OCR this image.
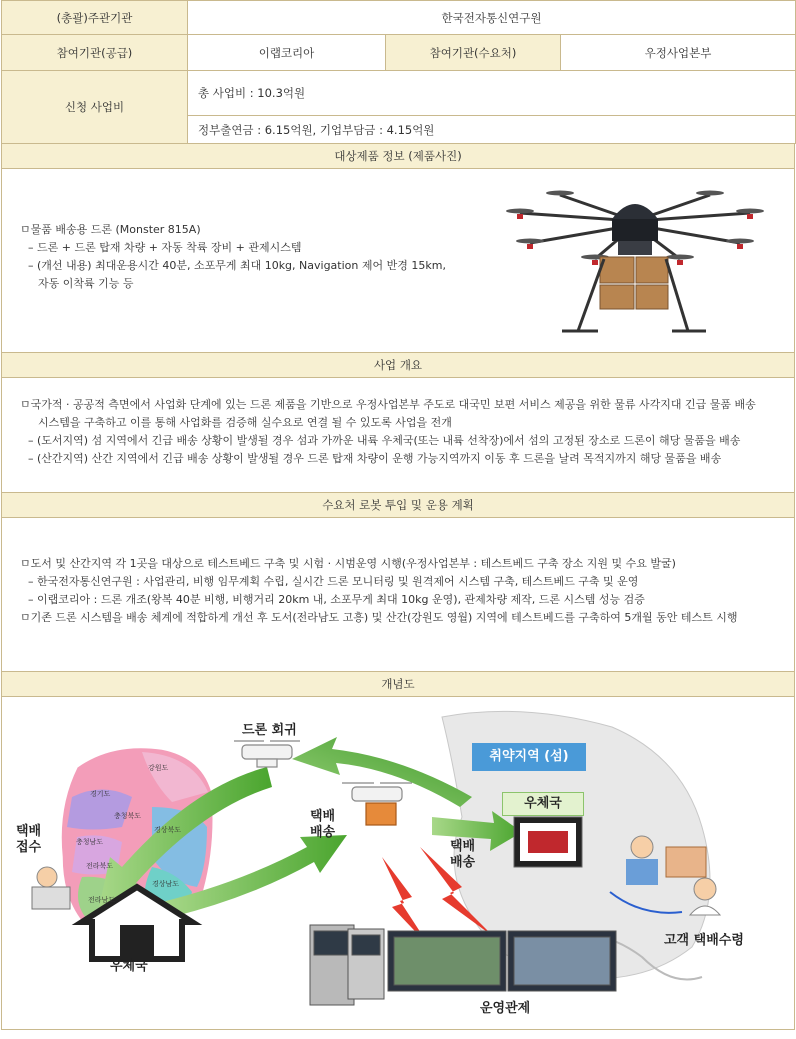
(총괄)주관기관	한국전자통신연구원		
참여기관(공급)	이랩코리아	참여기관(수요처)	우정사업본부
신청 사업비	총 사업비 : 10.3억원		
	정부출연금 : 6.15억원, 기업부담금 : 4.15억원		
대상제품 정보 (제품사진)
ㅁ물품 배송용 드론 (Monster 815A)
– 드론 + 드론 탑재 차량 + 자동 착륙 장비 + 관제시스템
– (개선 내용) 최대운용시간 40분, 소포무게 최대 10kg, Navigation 제어 반경 15km,
자동 이착륙 기능 등
사업 개요
ㅁ국가적 · 공공적 측면에서 사업화 단계에 있는 드론 제품을 기반으로 우정사업본부 주도로 대국민 보편 서비스 제공을 위한 물류 사각지대 긴급 물품 배송
시스템을 구축하고 이를 통해 사업화를 검증해 실수요로 연결 될 수 있도록 사업을 전개
– (도서지역) 섬 지역에서 긴급 배송 상황이 발생될 경우 섬과 가까운 내륙 우체국(또는 내륙 선착장)에서 섬의 고정된 장소로 드론이 해당 물품을 배송
– (산간지역) 산간 지역에서 긴급 배송 상황이 발생될 경우 드론 탑재 차량이 운행 가능지역까지 이동 후 드론을 날려 목적지까지 해당 물품을 배송
수요처 로봇 투입 및 운용 계획
ㅁ도서 및 산간지역 각 1곳을 대상으로 테스트베드 구축 및 시험 · 시범운영 시행(우정사업본부 : 테스트베드 구축 장소 지원 및 수요 발굴)
– 한국전자통신연구원 : 사업관리, 비행 임무계획 수립, 실시간 드론 모니터링 및 원격제어 시스템 구축, 테스트베드 구축 및 운영
– 이랩코리아 : 드론 개조(왕복 40분 비행, 비행거리 20km 내, 소포무게 최대 10kg 운영), 관제차량 제작, 드론 시스템 성능 검증
ㅁ기존 드론 시스템을 배송 체계에 적합하게 개선 후 도서(전라남도 고흥) 및 산간(강원도 영월) 지역에 테스트베드를 구축하여 5개월 동안 테스트 시행
개념도
취약지역 (섬)
우체국
드론 회귀
택배
배송
택배
배송
택배
접수
우체국
고객 택배수령
운영관제
강원도
경기도
충청북도
충청남도
경상북도
전라북도
경상남도
전라남도
